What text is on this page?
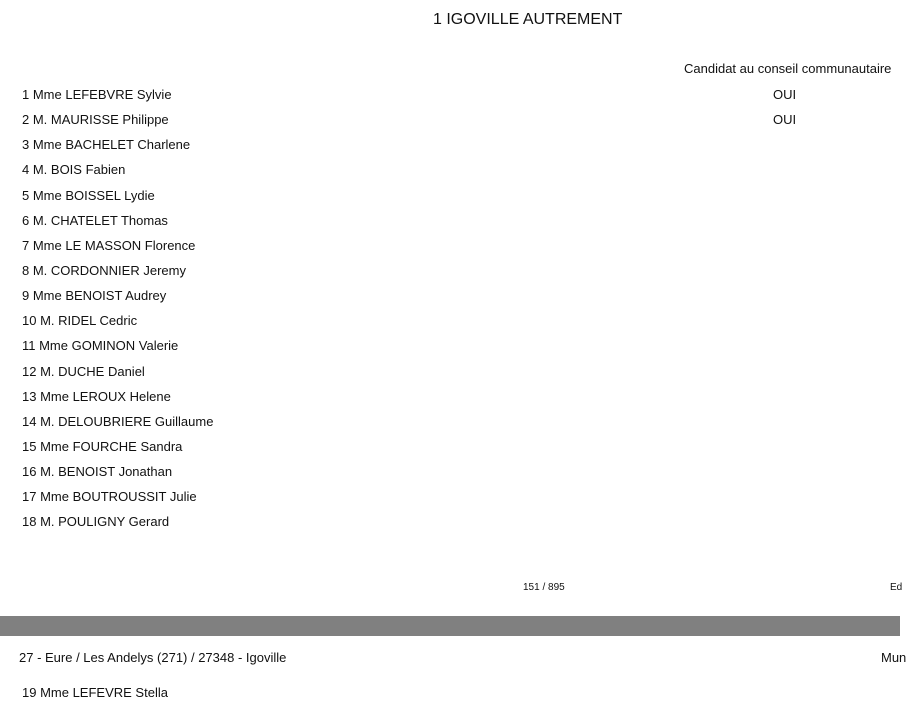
1 IGOVILLE AUTREMENT
Candidat au conseil communautaire
1 Mme LEFEBVRE Sylvie	OUI
2 M. MAURISSE Philippe	OUI
3 Mme BACHELET Charlene
4 M. BOIS Fabien
5 Mme BOISSEL Lydie
6 M. CHATELET Thomas
7 Mme LE MASSON Florence
8 M. CORDONNIER Jeremy
9 Mme BENOIST Audrey
10 M. RIDEL Cedric
11 Mme GOMINON Valerie
12 M. DUCHE Daniel
13 Mme LEROUX Helene
14 M. DELOUBRIERE Guillaume
15 Mme FOURCHE Sandra
16 M. BENOIST Jonathan
17 Mme BOUTROUSSIT Julie
18 M. POULIGNY Gerard
151 / 895	Ed
27 - Eure / Les Andelys (271) / 27348 - Igoville	Mun
19 Mme LEFEVRE Stella
